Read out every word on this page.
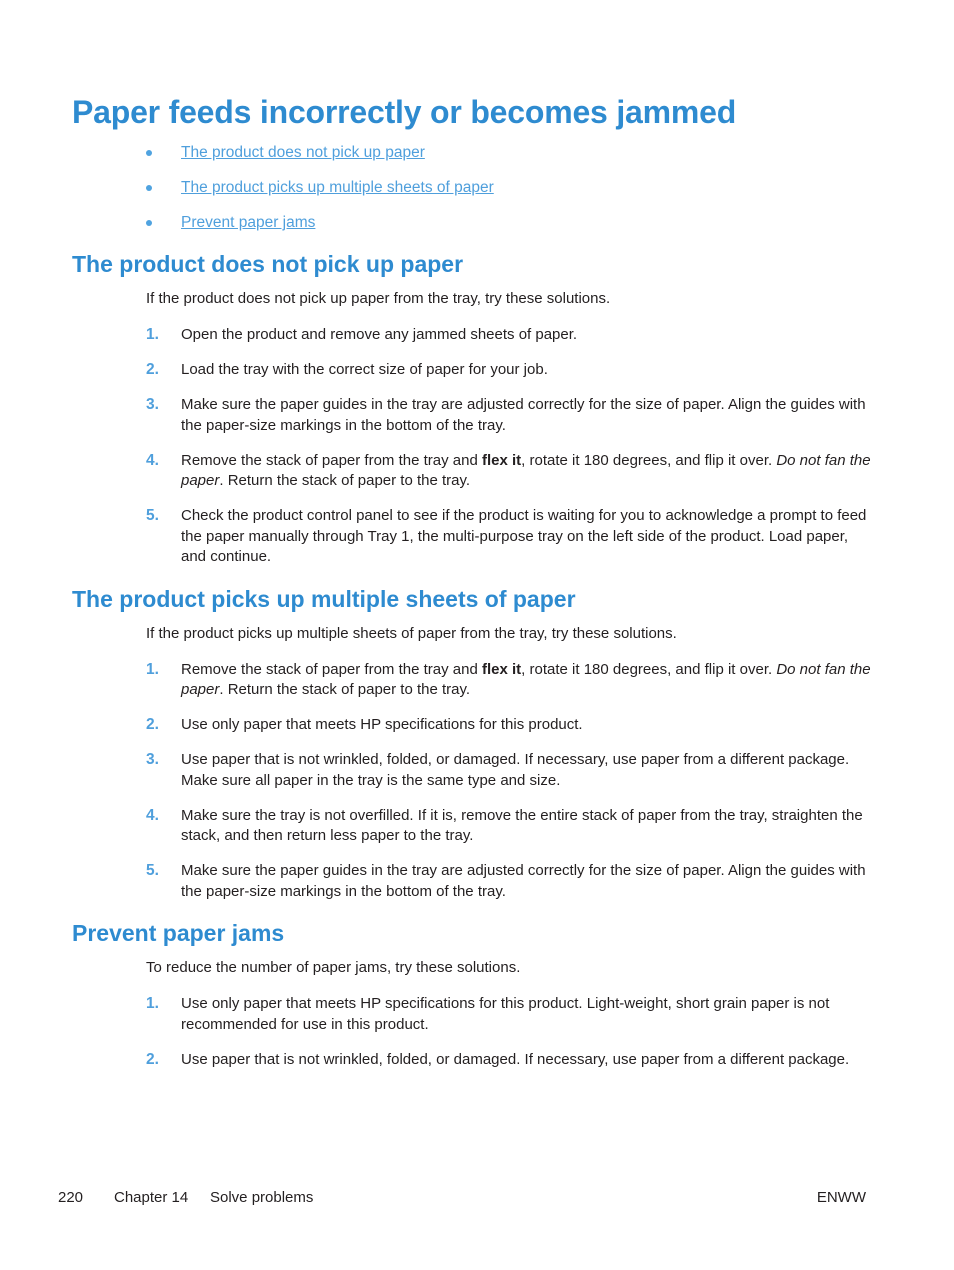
Paper feeds incorrectly or becomes jammed
The product does not pick up paper
The product picks up multiple sheets of paper
Prevent paper jams
The product does not pick up paper

If the product does not pick up paper from the tray, try these solutions.

1. Open the product and remove any jammed sheets of paper.
2. Load the tray with the correct size of paper for your job.
3. Make sure the paper guides in the tray are adjusted correctly for the size of paper. Align the guides with the paper-size markings in the bottom of the tray.
4. Remove the stack of paper from the tray and flex it, rotate it 180 degrees, and flip it over. Do not fan the paper. Return the stack of paper to the tray.
5. Check the product control panel to see if the product is waiting for you to acknowledge a prompt to feed the paper manually through Tray 1, the multi-purpose tray on the left side of the product. Load paper, and continue.
The product picks up multiple sheets of paper

If the product picks up multiple sheets of paper from the tray, try these solutions.

1. Remove the stack of paper from the tray and flex it, rotate it 180 degrees, and flip it over. Do not fan the paper. Return the stack of paper to the tray.
2. Use only paper that meets HP specifications for this product.
3. Use paper that is not wrinkled, folded, or damaged. If necessary, use paper from a different package. Make sure all paper in the tray is the same type and size.
4. Make sure the tray is not overfilled. If it is, remove the entire stack of paper from the tray, straighten the stack, and then return less paper to the tray.
5. Make sure the paper guides in the tray are adjusted correctly for the size of paper. Align the guides with the paper-size markings in the bottom of the tray.
Prevent paper jams

To reduce the number of paper jams, try these solutions.

1. Use only paper that meets HP specifications for this product. Light-weight, short grain paper is not recommended for use in this product.
2. Use paper that is not wrinkled, folded, or damaged. If necessary, use paper from a different package.
220 Chapter 14 Solve problems	ENWW
